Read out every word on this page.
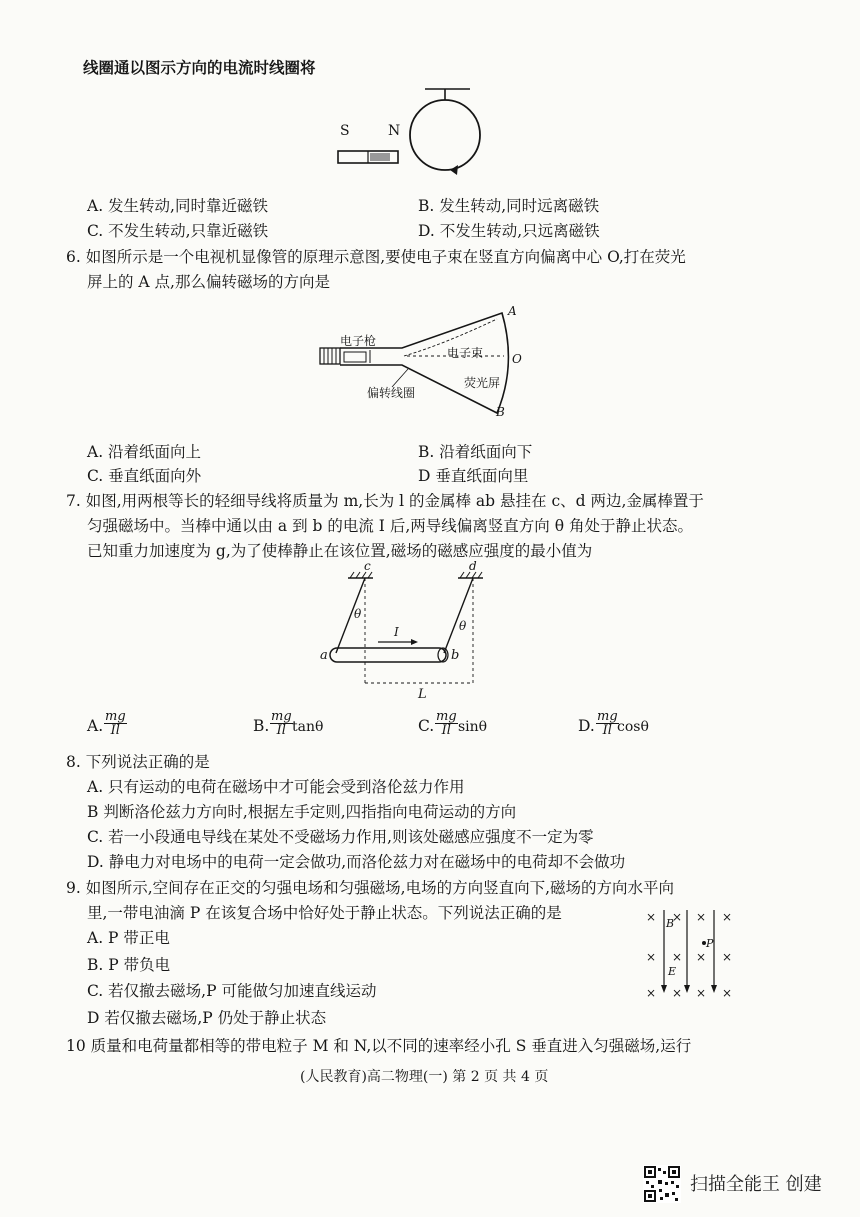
线圈通以图示方向的电流时线圈将
S	N
A. 发生转动,同时靠近磁铁	B. 发生转动,同时远离磁铁
C. 不发生转动,只靠近磁铁	D. 不发生转动,只远离磁铁
6. 如图所示是一个电视机显像管的原理示意图,要使电子束在竖直方向偏离中心 O,打在荧光
屏上的 A 点,那么偏转磁场的方向是
电子枪
电子束
荧光屏
偏转线圈
A
O
B
A. 沿着纸面向上	B. 沿着纸面向下
C. 垂直纸面向外	D 垂直纸面向里
7. 如图,用两根等长的轻细导线将质量为 m,长为 l 的金属棒 ab 悬挂在 c、d 两边,金属棒置于
匀强磁场中。当棒中通以由 a 到 b 的电流 I 后,两导线偏离竖直方向 θ 角处于静止状态。
已知重力加速度为 g,为了使棒静止在该位置,磁场的磁感应强度的最小值为
c	d
θ
θ
I
a	b
L
A. $\frac{mg}{Il}$	B. $\frac{mg}{Il}$ tanθ	C. $\frac{mg}{Il}$ sinθ	D. $\frac{mg}{Il}$
cosθ
8. 下列说法正确的是
A. 只有运动的电荷在磁场中才可能会受到洛伦兹力作用
B 判断洛伦兹力方向时,根据左手定则,四指指向电荷运动的方向
C. 若一小段通电导线在某处不受磁场力作用,则该处磁感应强度不一定为零
D. 静电力对电场中的电荷一定会做功,而洛伦兹力对在磁场中的电荷却不会做功
9. 如图所示,空间存在正交的匀强电场和匀强磁场,电场的方向竖直向下,磁场的方向水平向
里,一带电油滴 P 在该复合场中恰好处于静止状态。下列说法正确的是
A. P 带正电
B. P 带负电
C. 若仅撤去磁场,P 可能做匀加速直线运动
D 若仅撤去磁场,P 仍处于静止状态
× × × ×
× × × ×
× × × ×
B
E
P
10 质量和电荷量都相等的带电粒子 M 和 N,以不同的速率经小孔 S 垂直进入匀强磁场,运行
(人民教育)高二物理(一) 第 2 页 共 4 页
扫描全能王 创建
